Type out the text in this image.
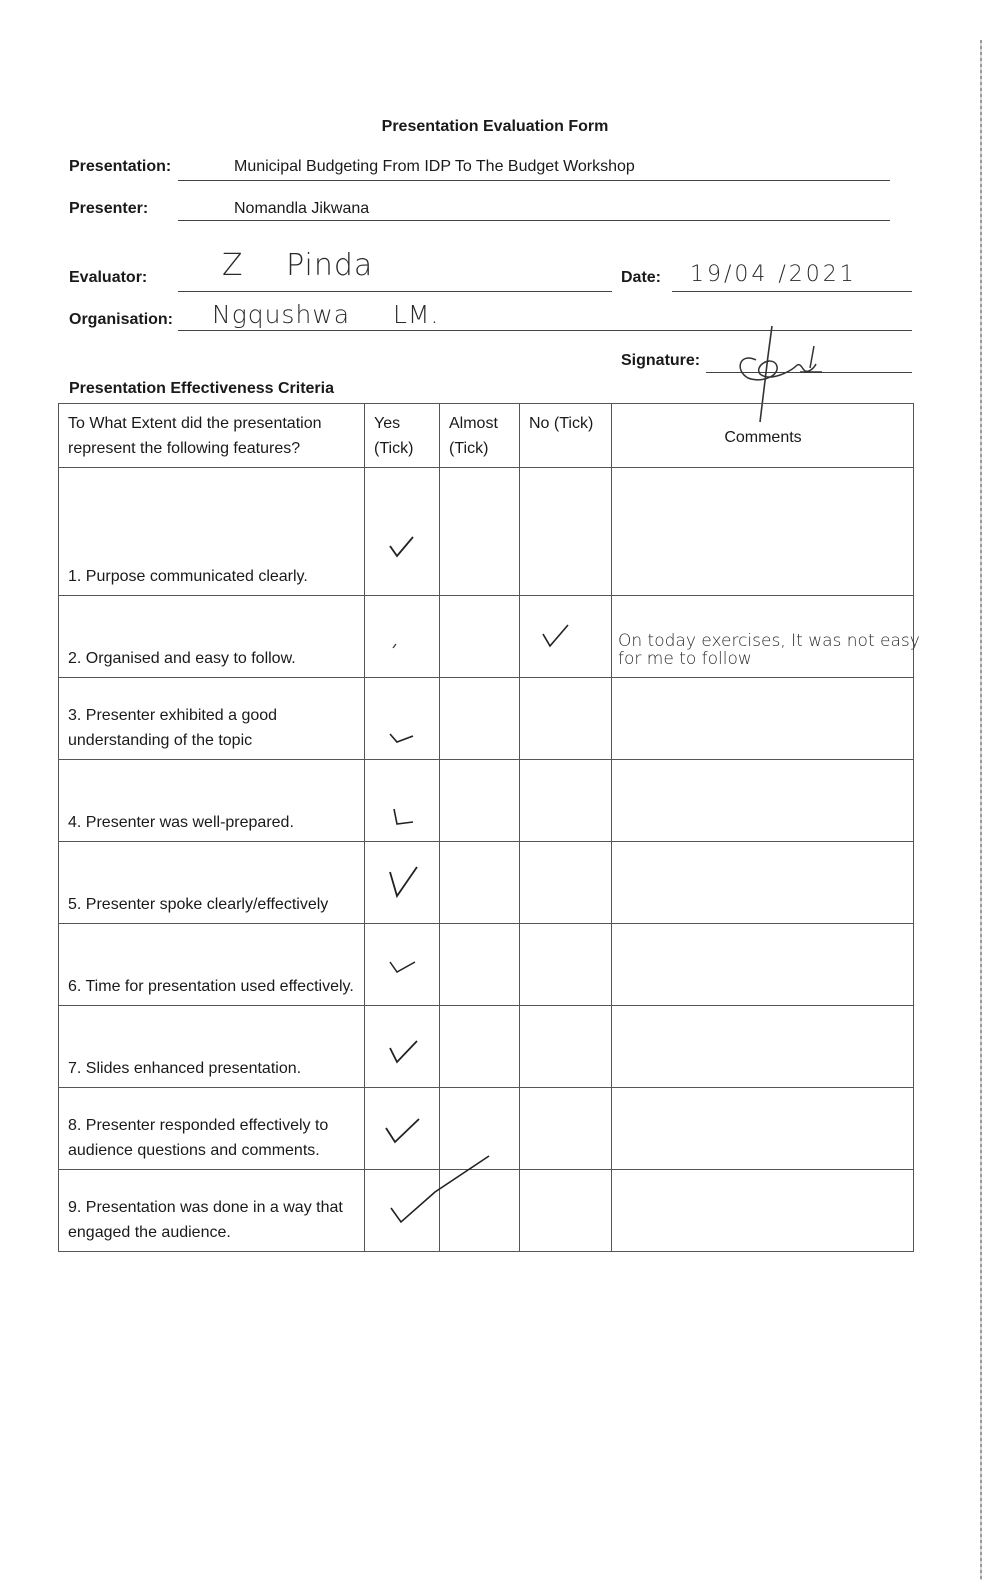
Presentation Evaluation Form
Presentation:	Municipal Budgeting From IDP To The Budget Workshop
Presenter:	Nomandla Jikwana
Evaluator: Z Pinda	Date: 19/04 /2021
Organisation: Ngqushwa LM.
Signature:
Presentation Effectiveness Criteria
To What Extent did the presentation represent the following features?	Yes (Tick)	Almost (Tick)	No (Tick)	Comments
1. Purpose communicated clearly.	

2. Organised and easy to follow.				On today exercises, It was not easy for me to follow

3. Presenter exhibited a good understanding of the topic	

4. Presenter was well-prepared.	

5. Presenter spoke clearly/effectively	

6. Time for presentation used effectively.	

7. Slides enhanced presentation.	

8. Presenter responded effectively to audience questions and comments.	

9. Presentation was done in a way that engaged the audience.	
